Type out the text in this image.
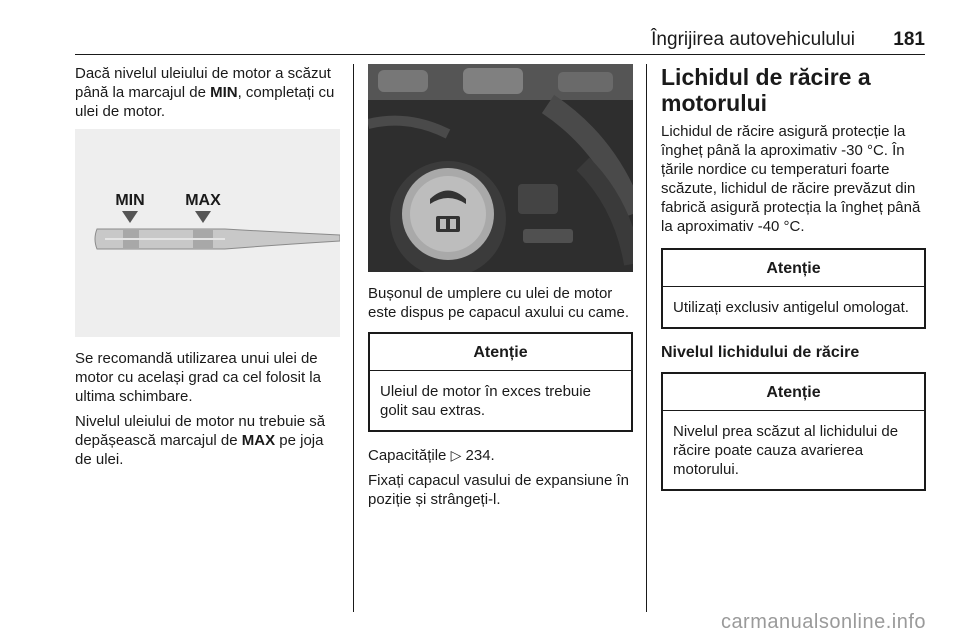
Îngrijirea autovehiculului 181

Dacă nivelul uleiului de motor a scăzut până la marcajul de MIN, completați cu ulei de motor.

MIN	MAX

Se recomandă utilizarea unui ulei de motor cu același grad ca cel folosit la ultima schimbare.

Nivelul uleiului de motor nu trebuie să depășească marcajul de MAX pe joja de ulei.

Bușonul de umplere cu ulei de motor este dispus pe capacul axului cu came.

Atenție
Uleiul de motor în exces trebuie golit sau extras.

Capacitățile ▷ 234.

Fixați capacul vasului de expansiune în poziție și strângeți-l.

Lichidul de răcire a motorului

Lichidul de răcire asigură protecție la îngheț până la aproximativ -30 °C. În țările nordice cu temperaturi foarte scăzute, lichidul de răcire prevăzut din fabrică asigură protecția la îngheț până la aproximativ -40 °C.

Atenție
Utilizați exclusiv antigelul omologat.
Nivelul lichidului de răcire
Atenție
Nivelul prea scăzut al lichidului de răcire poate cauza avarierea motorului.
carmanualsonline.info
